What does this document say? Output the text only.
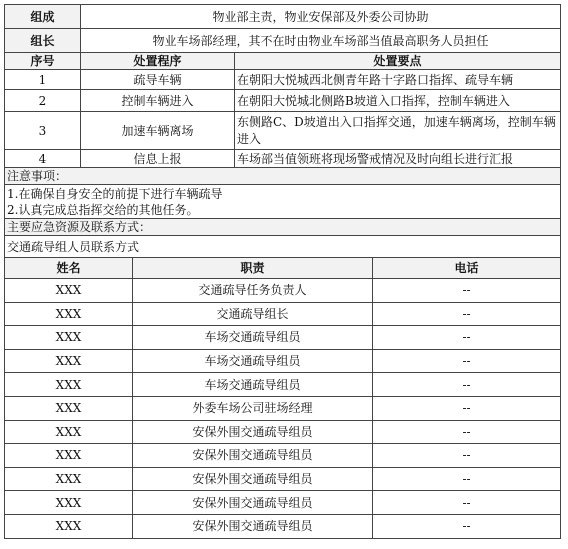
组成	物业部主责，物业安保部及外委公司协助	
组长	物业车场部经理，其不在时由物业车场部当值最高职务人员担任	
序号	处置程序	处置要点
1	疏导车辆	在朝阳大悦城西北侧青年路十字路口指挥、疏导车辆
2	控制车辆进入	在朝阳大悦城北侧路B坡道入口指挥，控制车辆进入
3	加速车辆离场	东侧路C、D坡道出入口指挥交通，加速车辆离场，控制车辆进入
4	信息上报	车场部当值领班将现场警戒情况及时向组长进行汇报
注意事项：		

1.在确保自身安全的前提下进行车辆疏导
2.认真完成总指挥交给的其他任务。		

主要应急资源及联系方式：		
交通疏导组人员联系方式		
姓名	职责	电话
XXX	交通疏导任务负责人	--
XXX	交通疏导组长	--
XXX	车场交通疏导组员	--
XXX	车场交通疏导组员	--
XXX	车场交通疏导组员	--
XXX	外委车场公司驻场经理	--
XXX	安保外围交通疏导组员	--
XXX	安保外围交通疏导组员	--
XXX	安保外围交通疏导组员	--
XXX	安保外围交通疏导组员	--
XXX	安保外围交通疏导组员	--
